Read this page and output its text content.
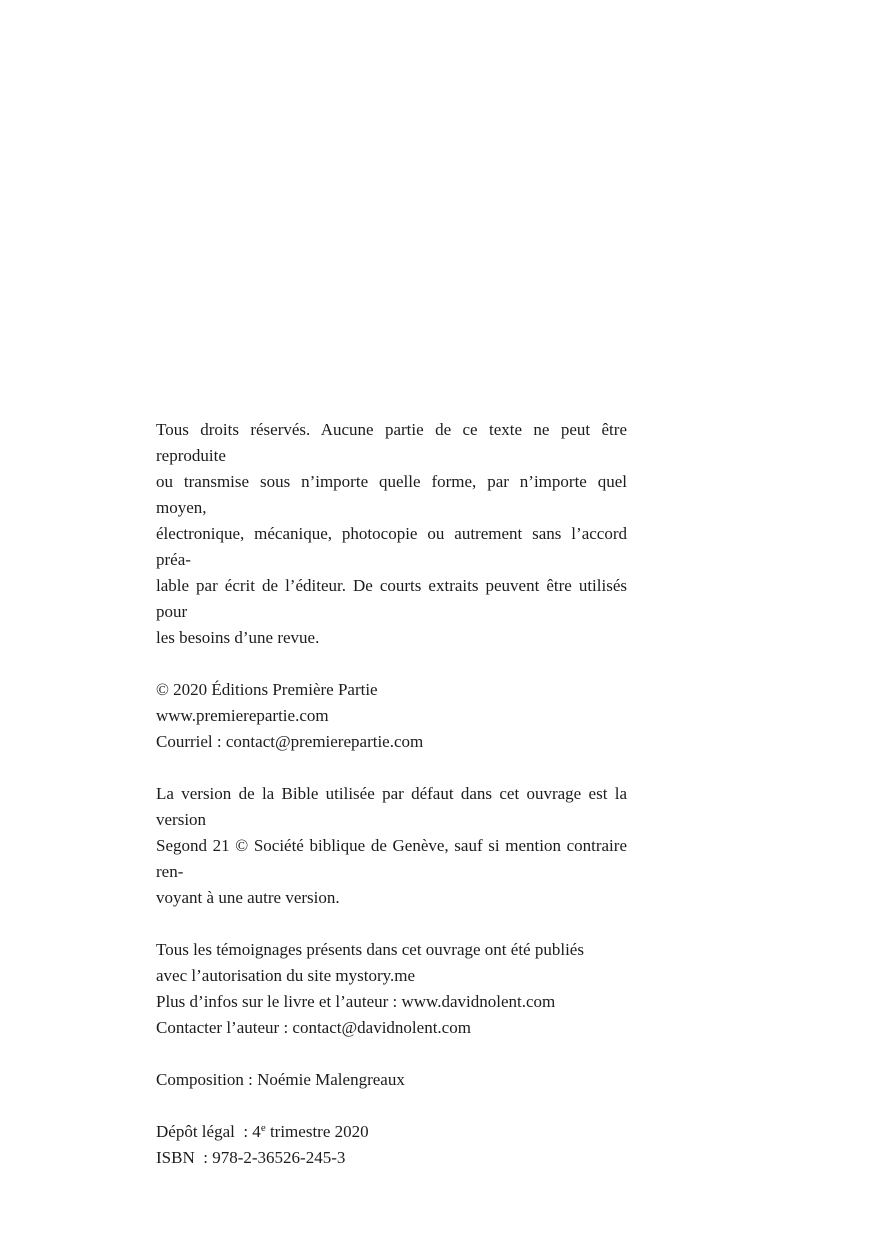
Tous droits réservés. Aucune partie de ce texte ne peut être reproduite
ou transmise sous n’importe quelle forme, par n’importe quel moyen,
électronique, mécanique, photocopie ou autrement sans l’accord préa-
lable par écrit de l’éditeur. De courts extraits peuvent être utilisés pour
les besoins d’une revue.

© 2020 Éditions Première Partie
www.premierepartie.com
Courriel : contact@premierepartie.com

La version de la Bible utilisée par défaut dans cet ouvrage est la version
Segond 21 © Société biblique de Genève, sauf si mention contraire ren-
voyant à une autre version.

Tous les témoignages présents dans cet ouvrage ont été publiés
avec l’autorisation du site mystory.me
Plus d’infos sur le livre et l’auteur : www.davidnolent.com
Contacter l’auteur : contact@davidnolent.com

Composition : Noémie Malengreaux

Dépôt légal  : 4e trimestre 2020
ISBN  : 978-2-36526-245-3
